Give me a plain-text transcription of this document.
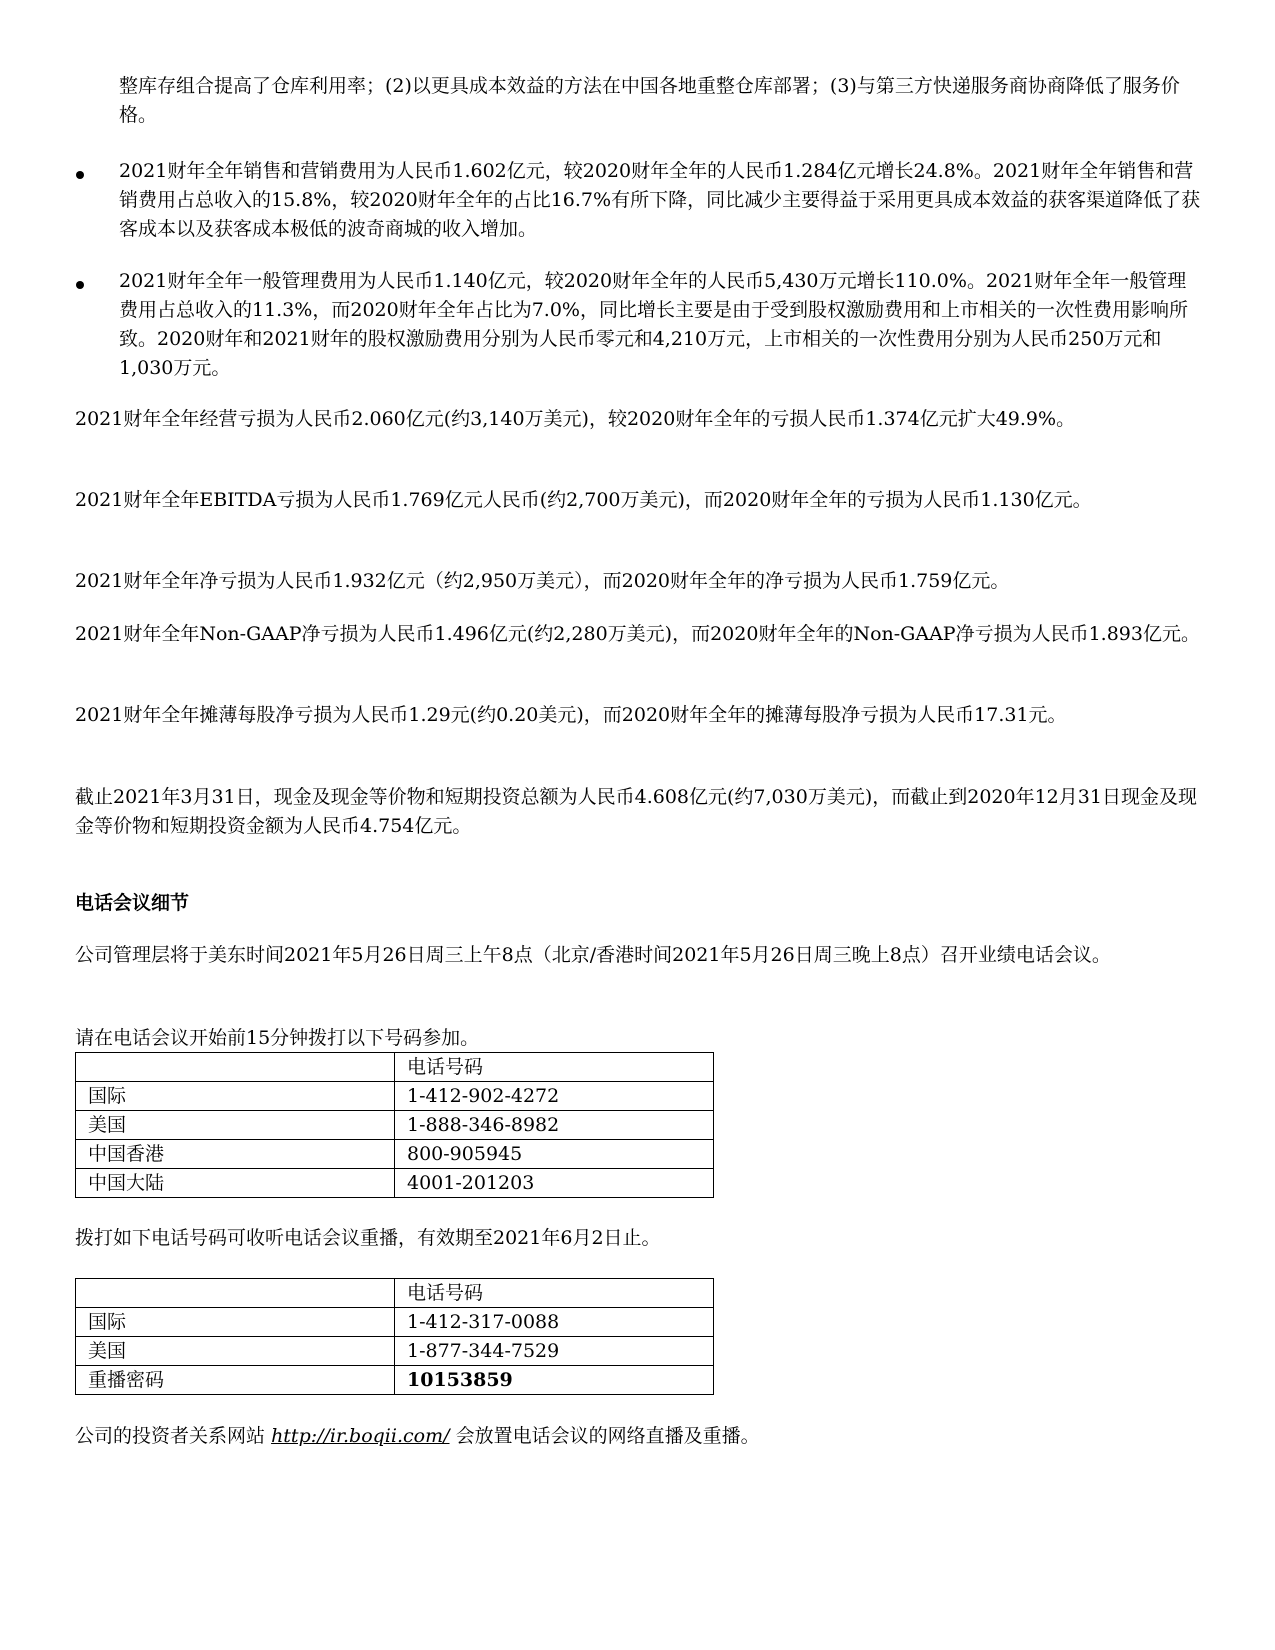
整库存组合提高了仓库利用率；(2)以更具成本效益的方法在中国各地重整仓库部署；(3)与第三方快递服务商协商降低了服务价格。

2021财年全年销售和营销费用为人民币1.602亿元，较2020财年全年的人民币1.284亿元增长24.8%。2021财年全年销售和营销费用占总收入的15.8%，较2020财年全年的占比16.7%有所下降，同比减少主要得益于采用更具成本效益的获客渠道降低了获客成本以及获客成本极低的波奇商城的收入增加。

2021财年全年一般管理费用为人民币1.140亿元，较2020财年全年的人民币5,430万元增长110.0%。2021财年全年一般管理费用占总收入的11.3%，而2020财年全年占比为7.0%，同比增长主要是由于受到股权激励费用和上市相关的一次性费用影响所致。2020财年和2021财年的股权激励费用分别为人民币零元和4,210万元，上市相关的一次性费用分别为人民币250万元和1,030万元。

2021财年全年经营亏损为人民币2.060亿元(约3,140万美元)，较2020财年全年的亏损人民币1.374亿元扩大49.9%。

2021财年全年EBITDA亏损为人民币1.769亿元人民币(约2,700万美元)，而2020财年全年的亏损为人民币1.130亿元。

2021财年全年净亏损为人民币1.932亿元（约2,950万美元），而2020财年全年的净亏损为人民币1.759亿元。

2021财年全年Non-GAAP净亏损为人民币1.496亿元(约2,280万美元)，而2020财年全年的Non-GAAP净亏损为人民币1.893亿元。

2021财年全年摊薄每股净亏损为人民币1.29元(约0.20美元)，而2020财年全年的摊薄每股净亏损为人民币17.31元。

截止2021年3月31日，现金及现金等价物和短期投资总额为人民币4.608亿元(约7,030万美元)，而截止到2020年12月31日现金及现金等价物和短期投资金额为人民币4.754亿元。

电话会议细节

公司管理层将于美东时间2021年5月26日周三上午8点（北京/香港时间2021年5月26日周三晚上8点）召开业绩电话会议。

请在电话会议开始前15分钟拨打以下号码参加。

	电话号码
国际	1-412-902-4272
美国	1-888-346-8982
中国香港	800-905945
中国大陆	4001-201203

拨打如下电话号码可收听电话会议重播，有效期至2021年6月2日止。

	电话号码
国际	1-412-317-0088
美国	1-877-344-7529
重播密码	10153859

公司的投资者关系网站 http://ir.boqii.com/ 会放置电话会议的网络直播及重播。
